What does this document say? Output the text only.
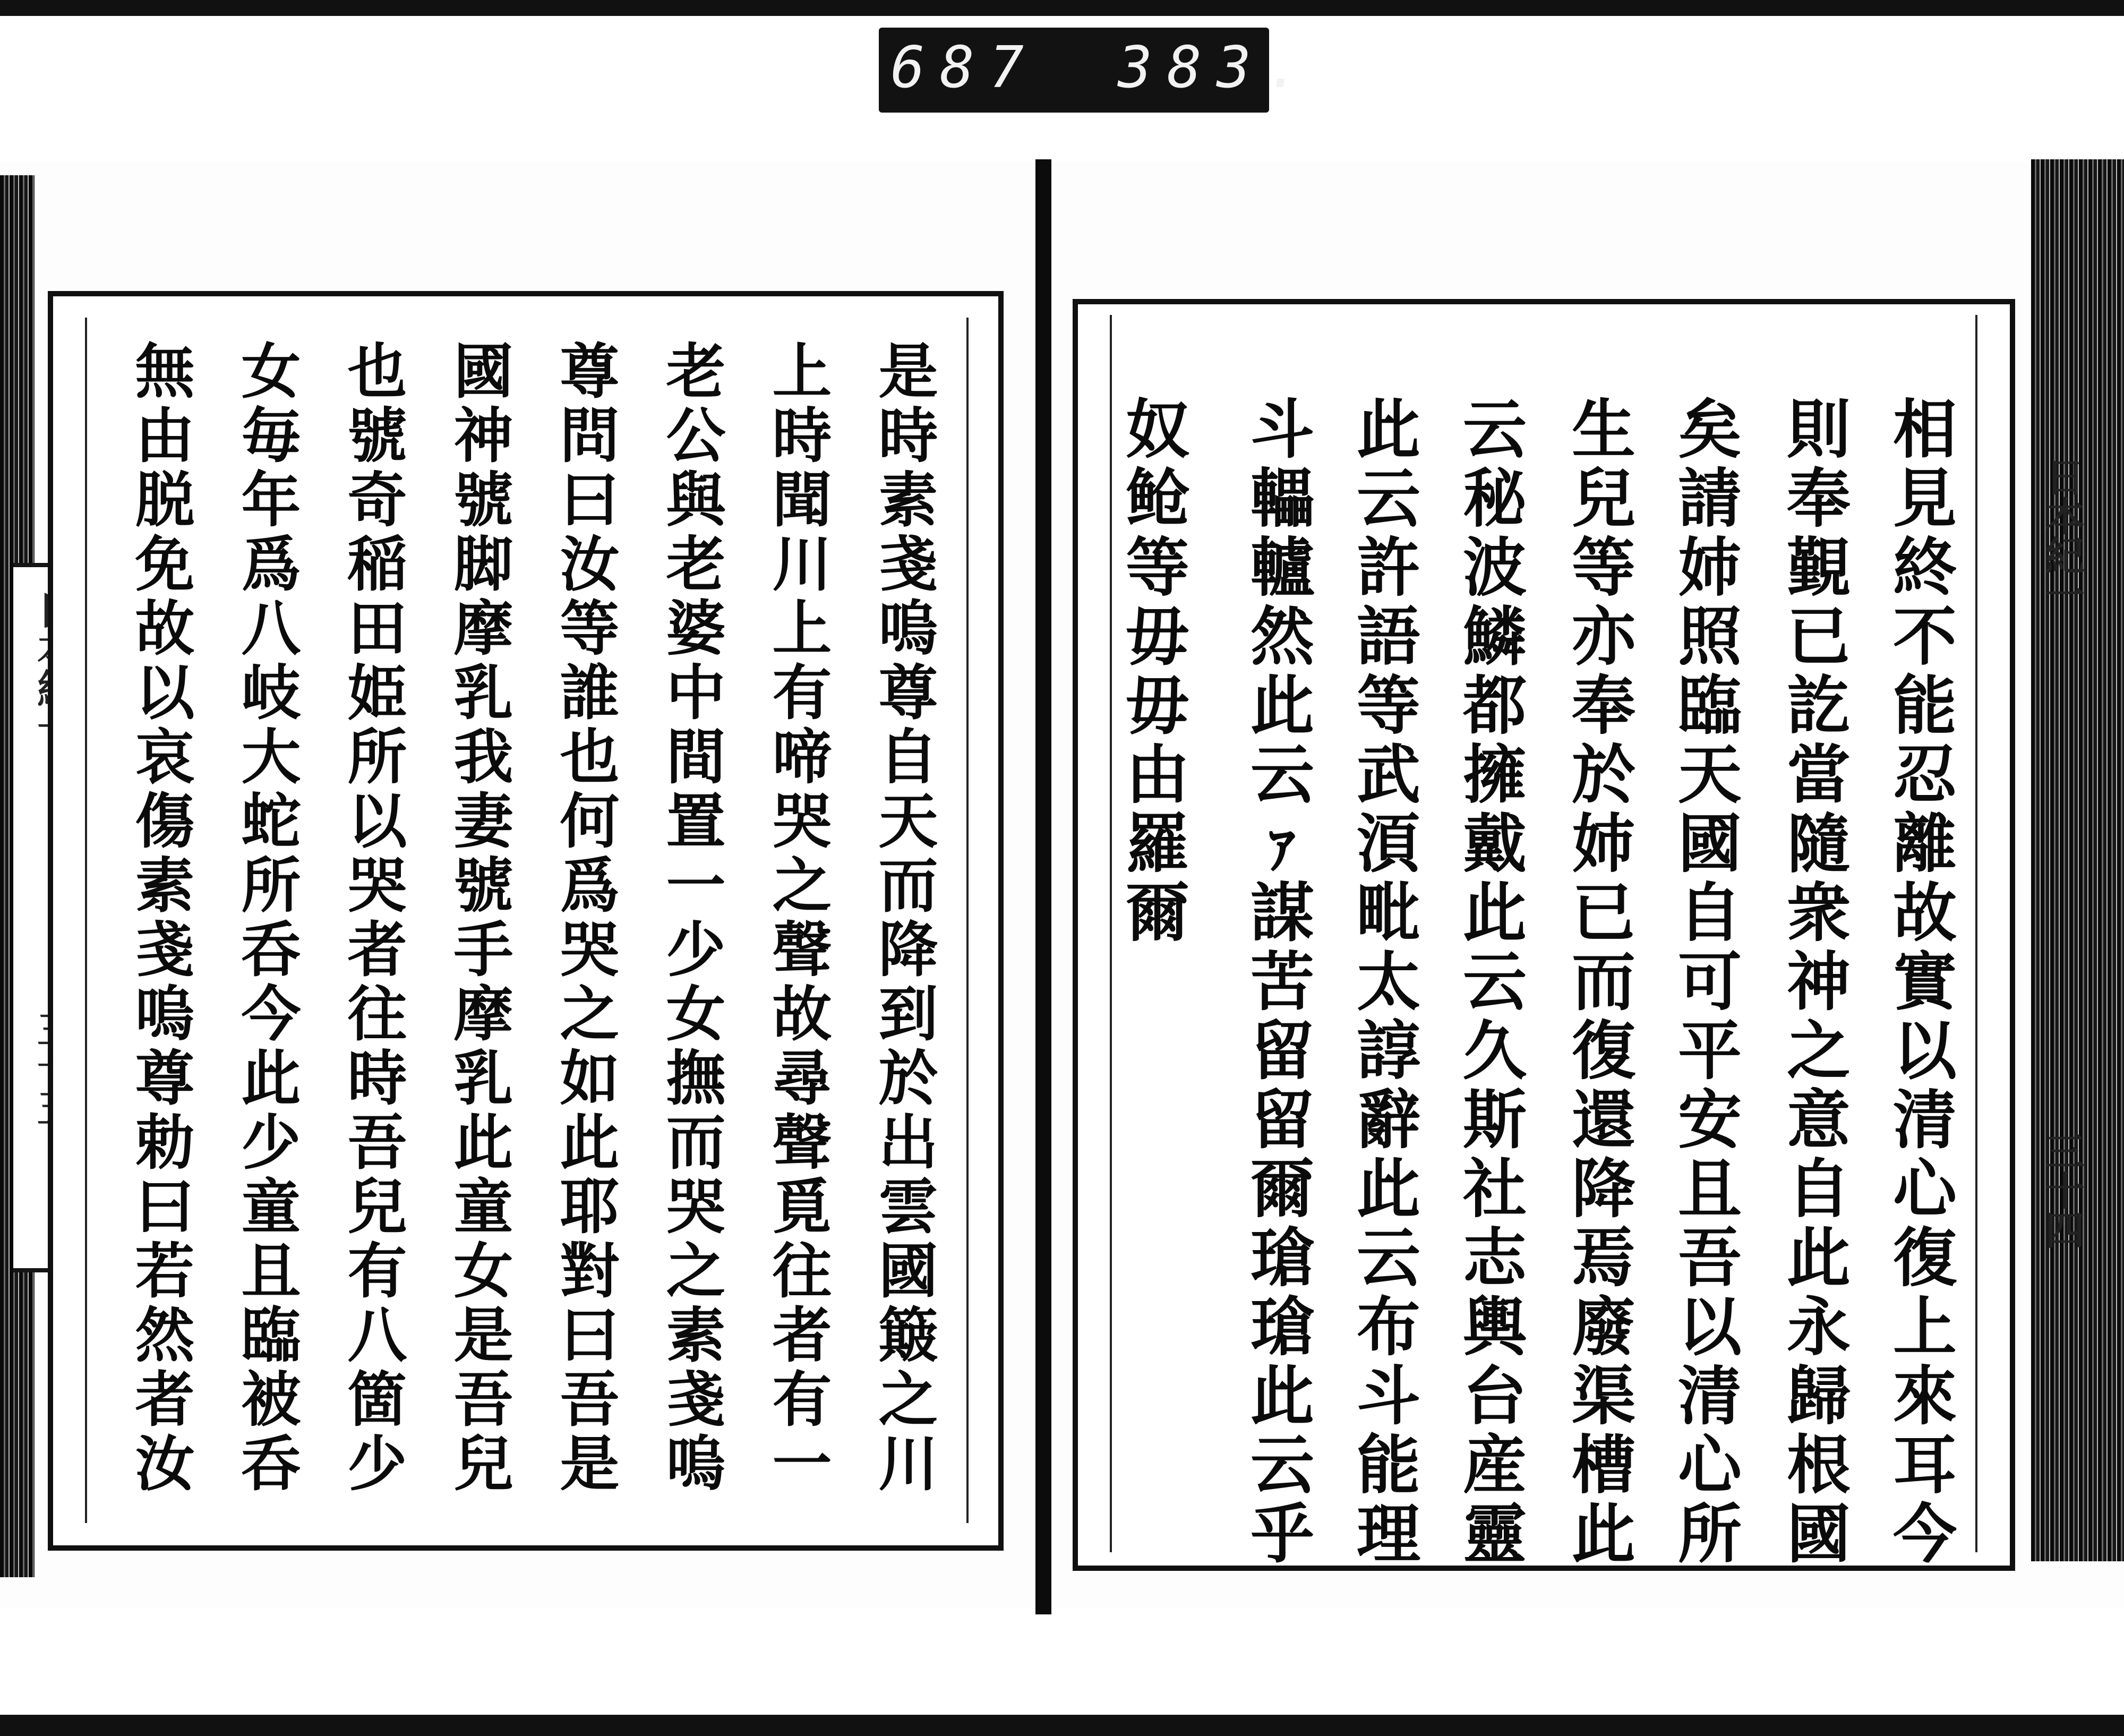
687 383.
日本紀一
三十四
是時素戔嗚尊自天而降到於出雲國簸之川
上時聞川上有啼哭之聲故尋聲覓往者有一
老公與老婆中間置一少女撫而哭之素戔嗚
尊問曰汝等誰也何爲哭之如此耶對曰吾是
國神號脚摩乳我妻號手摩乳此童女是吾兒
也號奇稲田姫所以哭者往時吾兒有八箇少
女毎年爲八岐大蛇所呑今此少童且臨被呑
無由脱免故以哀傷素戔嗚尊勅曰若然者汝	相見終不能忍離故實以清心復上來耳今
則奉覲已訖當隨衆神之意自此永歸根國
矣請姉照臨天國自可平安且吾以清心所
生兒等亦奉於姉已而復還降焉廢渠槽此
云秘波鱗都擁戴此云久斯社志輿台産靈
此云許語等武湏毗太諄辭此云布斗能理
斗轠轤然此云ｧ謀苦留留爾瑲瑲此云乎
奴䲝等毋毋由羅爾
